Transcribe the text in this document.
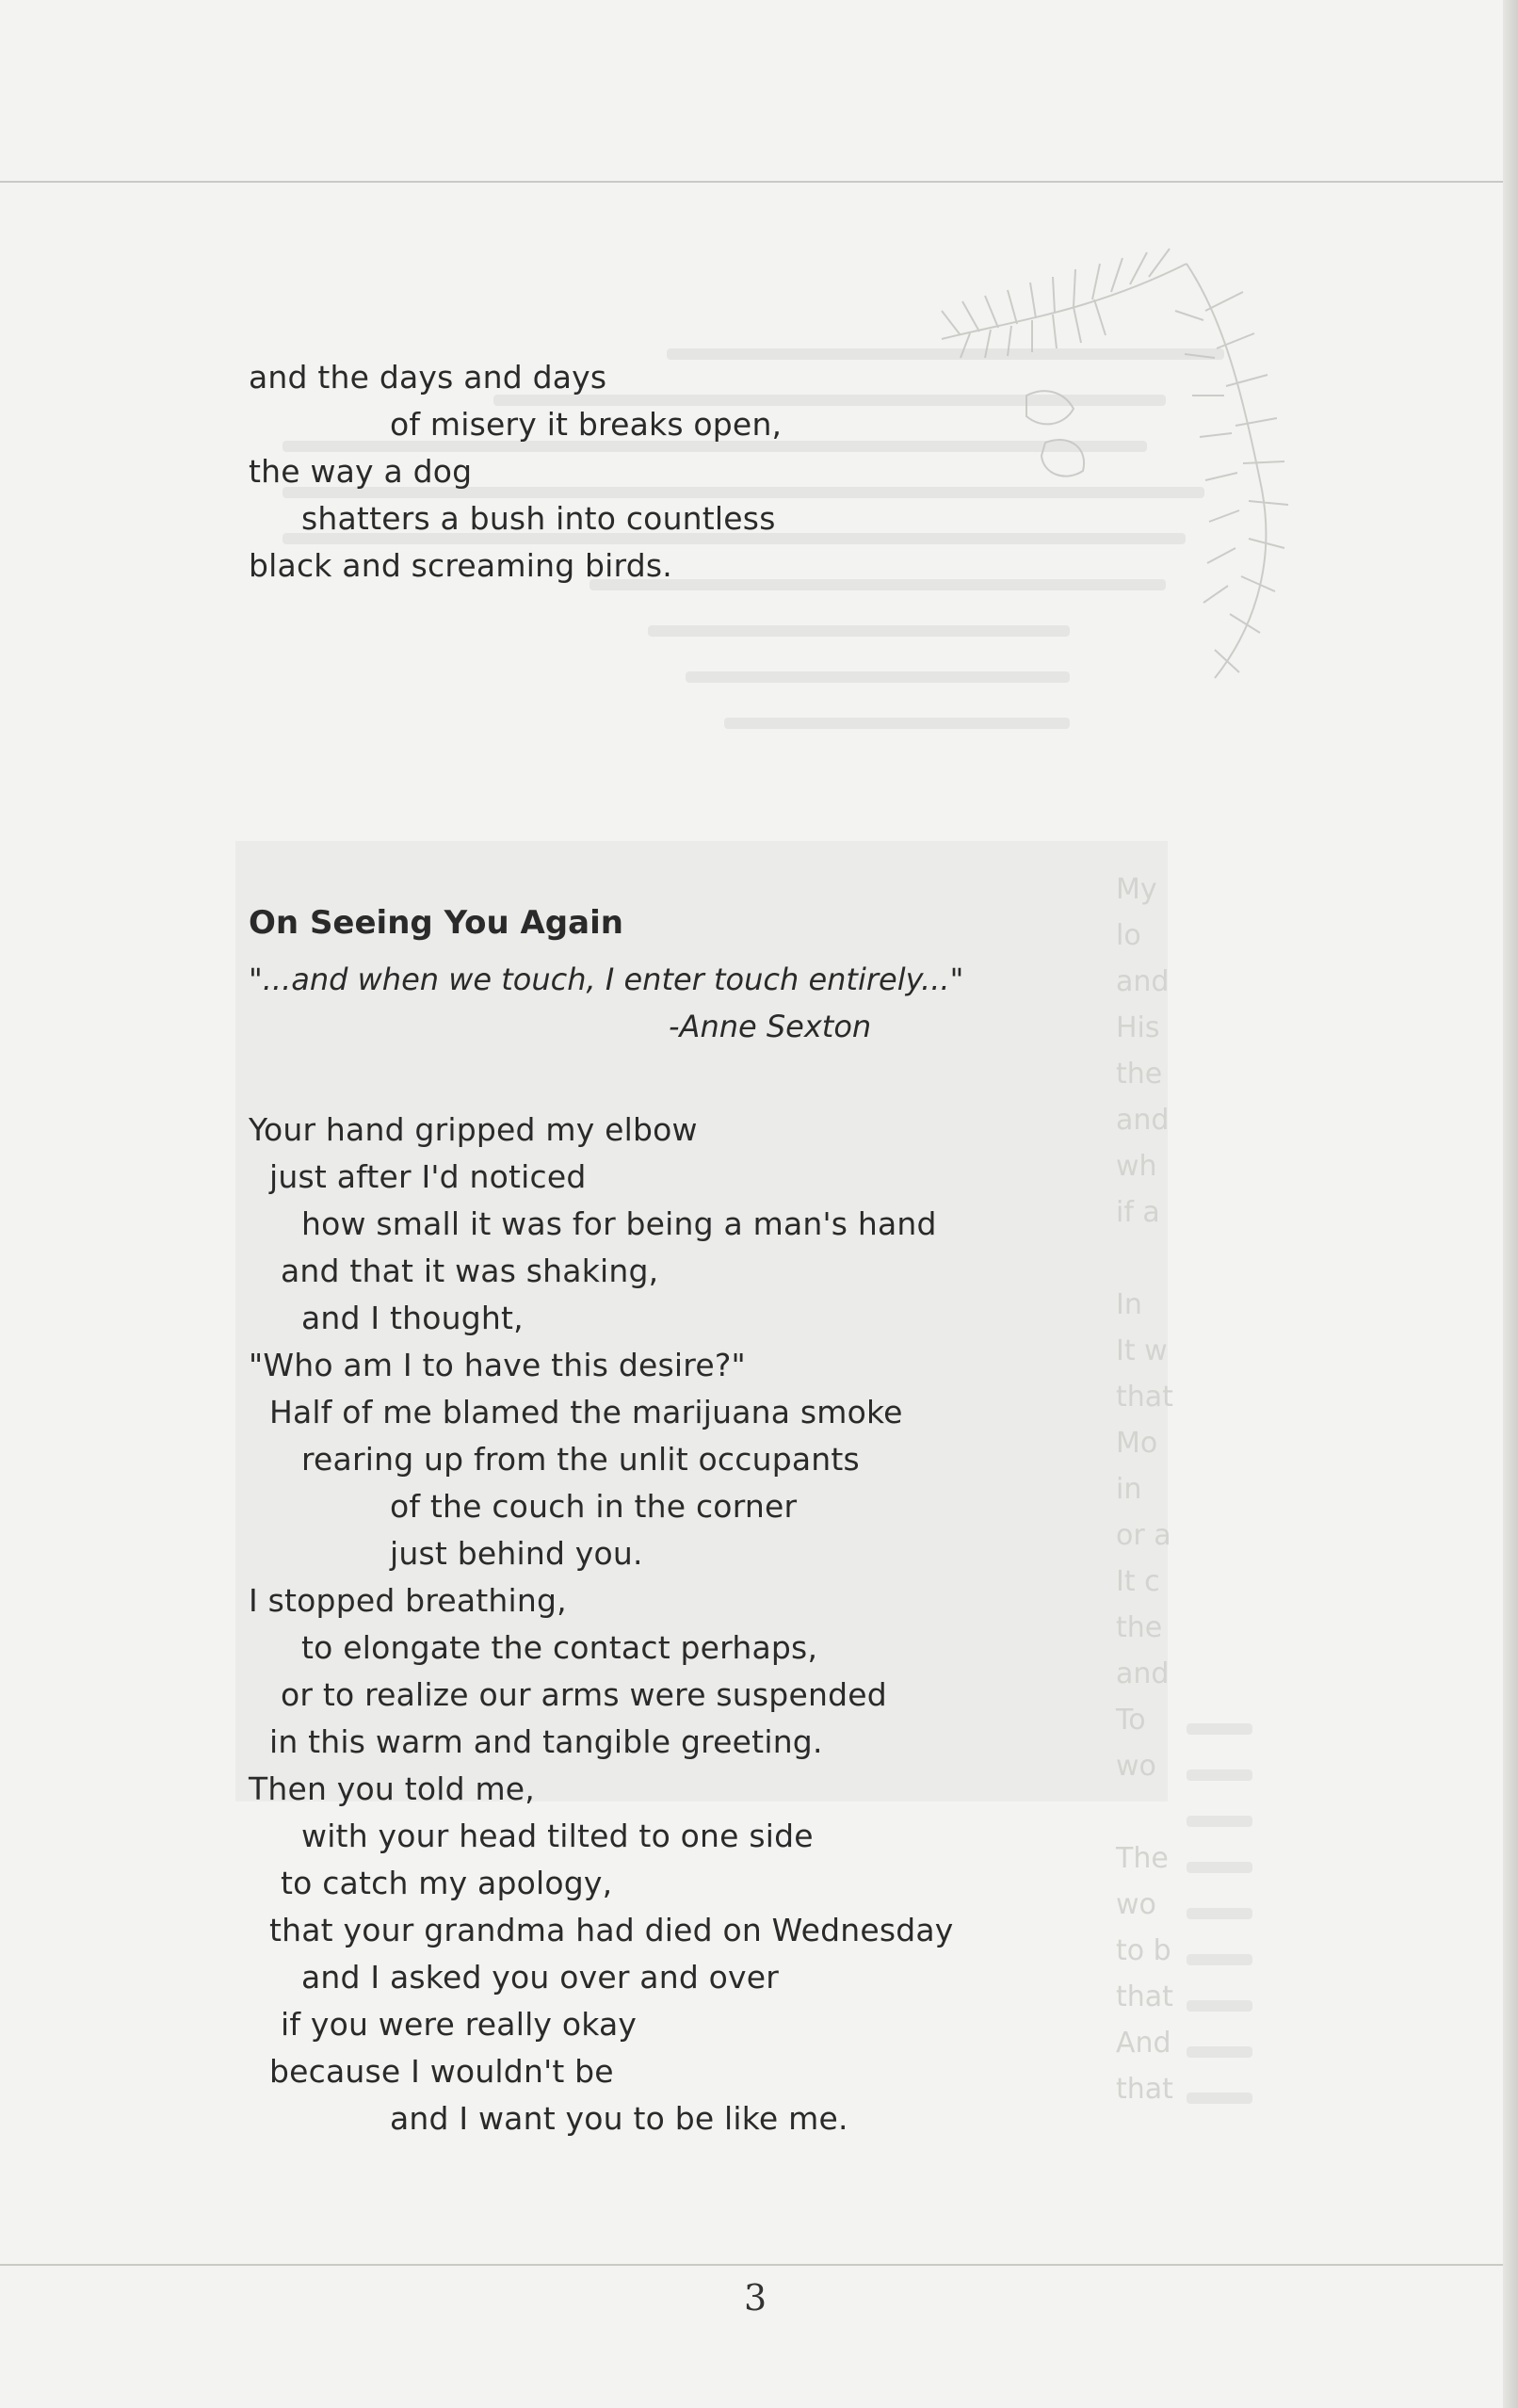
My
lo
and
His
the
and
wh
if a

In
It w
that
Mo
in
or a
It c
the
and
To
wo

The
wo
to b
that
And
that
and the days and days
of misery it breaks open,
the way a dog
shatters a bush into countless
black and screaming birds.
On Seeing You Again
"...and when we touch, I enter touch entirely..."
-Anne Sexton
Your hand gripped my elbow
just after I'd noticed
how small it was for being a man's hand
and that it was shaking,
and I thought,
"Who am I to have this desire?"
Half of me blamed the marijuana smoke
rearing up from the unlit occupants
of the couch in the corner
just behind you.
I stopped breathing,
to elongate the contact perhaps,
or to realize our arms were suspended
in this warm and tangible greeting.
Then you told me,
with your head tilted to one side
to catch my apology,
that your grandma had died on Wednesday
and I asked you over and over
if you were really okay
because I wouldn't be
and I want you to be like me.
3
